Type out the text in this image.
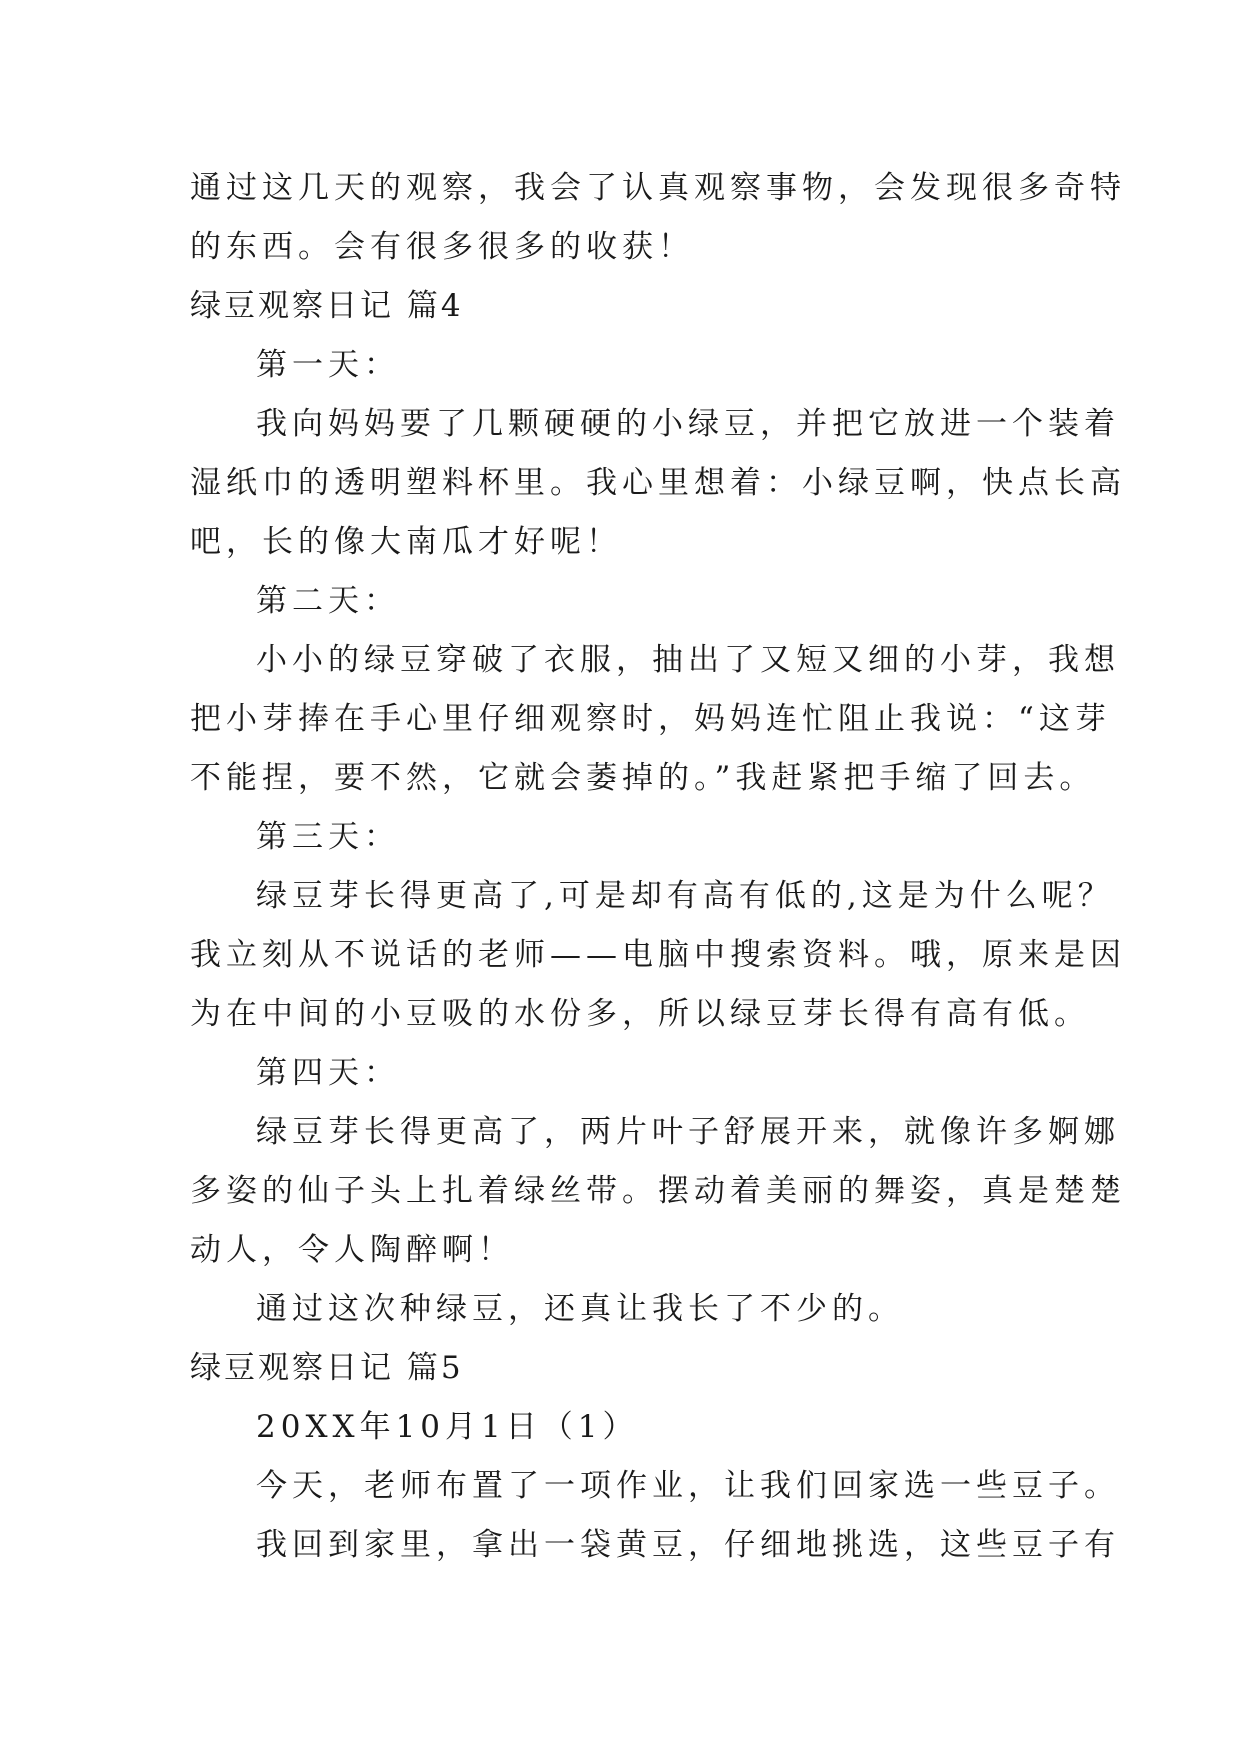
通过这几天的观察，我会了认真观察事物，会发现很多奇特
的东西。会有很多很多的收获！
绿豆观察日记 篇4
第一天：
我向妈妈要了几颗硬硬的小绿豆，并把它放进一个装着
湿纸巾的透明塑料杯里。我心里想着：小绿豆啊，快点长高
吧，长的像大南瓜才好呢！
第二天：
小小的绿豆穿破了衣服，抽出了又短又细的小芽，我想
把小芽捧在手心里仔细观察时，妈妈连忙阻止我说：“这芽
不能捏，要不然，它就会萎掉的。”我赶紧把手缩了回去。
第三天：
绿豆芽长得更高了,可是却有高有低的,这是为什么呢？
我立刻从不说话的老师——电脑中搜索资料。哦，原来是因
为在中间的小豆吸的水份多，所以绿豆芽长得有高有低。
第四天：
绿豆芽长得更高了，两片叶子舒展开来，就像许多婀娜
多姿的仙子头上扎着绿丝带。摆动着美丽的舞姿，真是楚楚
动人，令人陶醉啊！
通过这次种绿豆，还真让我长了不少的。
绿豆观察日记 篇5
20XX年10月1日（1）
今天，老师布置了一项作业，让我们回家选一些豆子。
我回到家里，拿出一袋黄豆，仔细地挑选，这些豆子有
